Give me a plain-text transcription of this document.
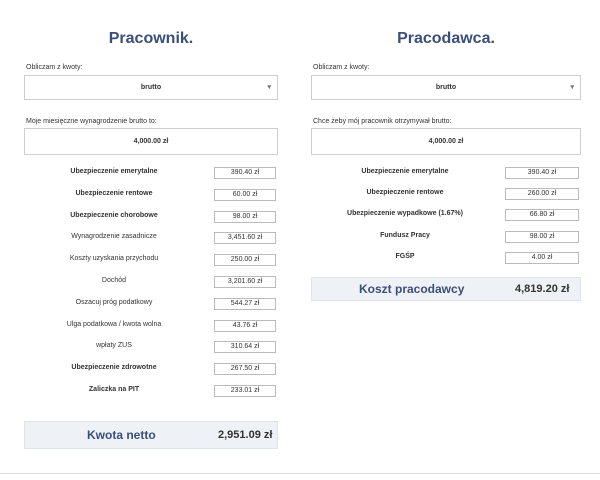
Pracownik.
Obliczam z kwoty:
brutto	▾
Moje miesięczne wynagrodzenie brutto to:
4,000.00 zł
Ubezpieczenie emerytalne	390.40 zł
Ubezpieczenie rentowe	60.00 zł
Ubezpieczenie chorobowe	98.00 zł
Wynagrodzenie zasadnicze	3,451.60 zł
Koszty uzyskania przychodu	250.00 zł
Dochód	3,201.60 zł
Oszacuj próg podatkowy	544.27 zł
Ulga podatkowa / kwota wolna	43.76 zł
wpłaty ZUS	310.64 zł
Ubezpieczenie zdrowotne	267.50 zł
Zaliczka na PIT	233.01 zł
Kwota netto	2,951.09 zł
Pracodawca.
Obliczam z kwoty:
brutto	▾
Chce żeby mój pracownik otrzymywał brutto:
4,000.00 zł
Ubezpieczenie emerytalne	390.40 zł
Ubezpieczenie rentowe	260.00 zł
Ubezpieczenie wypadkowe (1.67%)	66.80 zł
Fundusz Pracy	98.00 zł
FGŚP	4.00 zł
Koszt pracodawcy	4,819.20 zł
